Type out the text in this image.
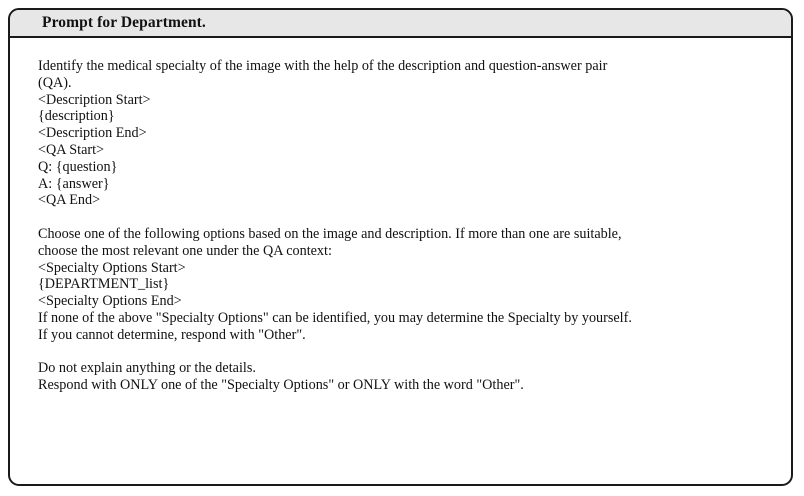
Prompt for Department.
Identify the medical specialty of the image with the help of the description and question-answer pair
(QA).
<Description Start>
{description}
<Description End>
<QA Start>
Q: {question}
A: {answer}
<QA End>
Choose one of the following options based on the image and description. If more than one are suitable,
choose the most relevant one under the QA context:
<Specialty Options Start>
{DEPARTMENT_list}
<Specialty Options End>
If none of the above "Specialty Options" can be identified, you may determine the Specialty by yourself.
If you cannot determine, respond with "Other".
Do not explain anything or the details.
Respond with ONLY one of the "Specialty Options" or ONLY with the word "Other".
